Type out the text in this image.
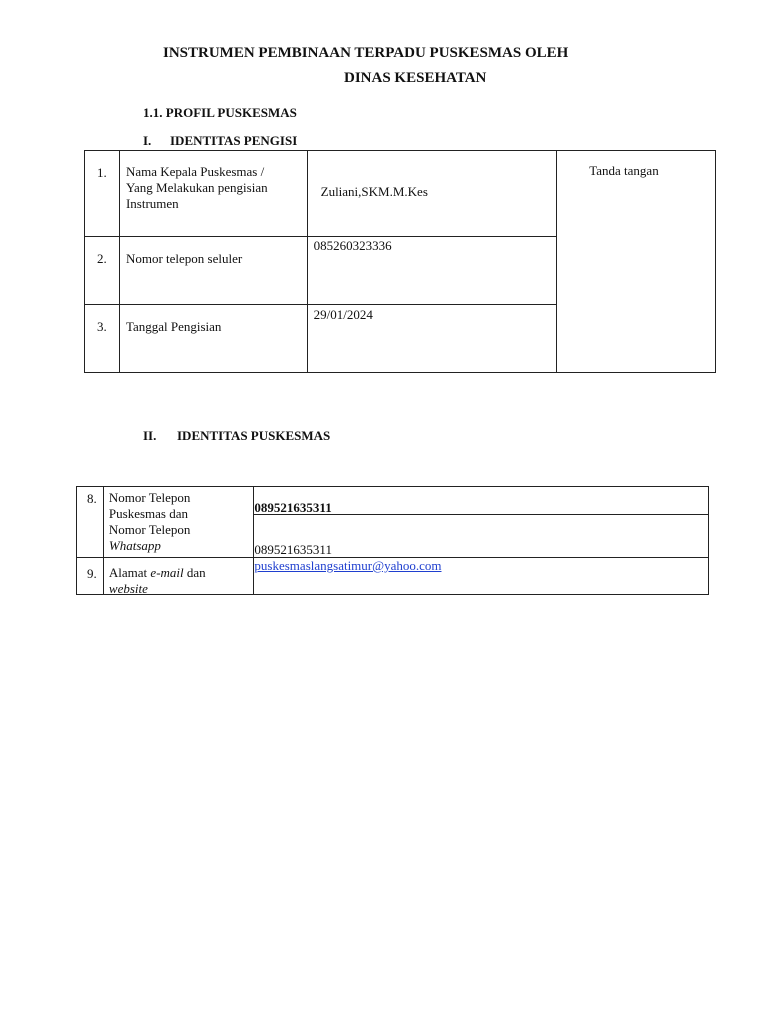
INSTRUMEN PEMBINAAN TERPADU PUSKESMAS OLEH
DINAS KESEHATAN
1.1. PROFIL PUSKESMAS
I. IDENTITAS PENGISI
1.	Nama Kepala Puskesmas / Yang Melakukan pengisian Instrumen	Zuliani,SKM.M.Kes	Tanda tangan

2.	Nomor telepon seluler	085260323336	

3.	Tanggal Pengisian	29/01/2024	
II. IDENTITAS PUSKESMAS
8.	Nomor Telepon
Puskesmas dan
Nomor Telepon
Whatsapp	089521635311

		089521635311

9.	Alamat e-mail dan
website	puskesmaslangsatimur@yahoo.com
